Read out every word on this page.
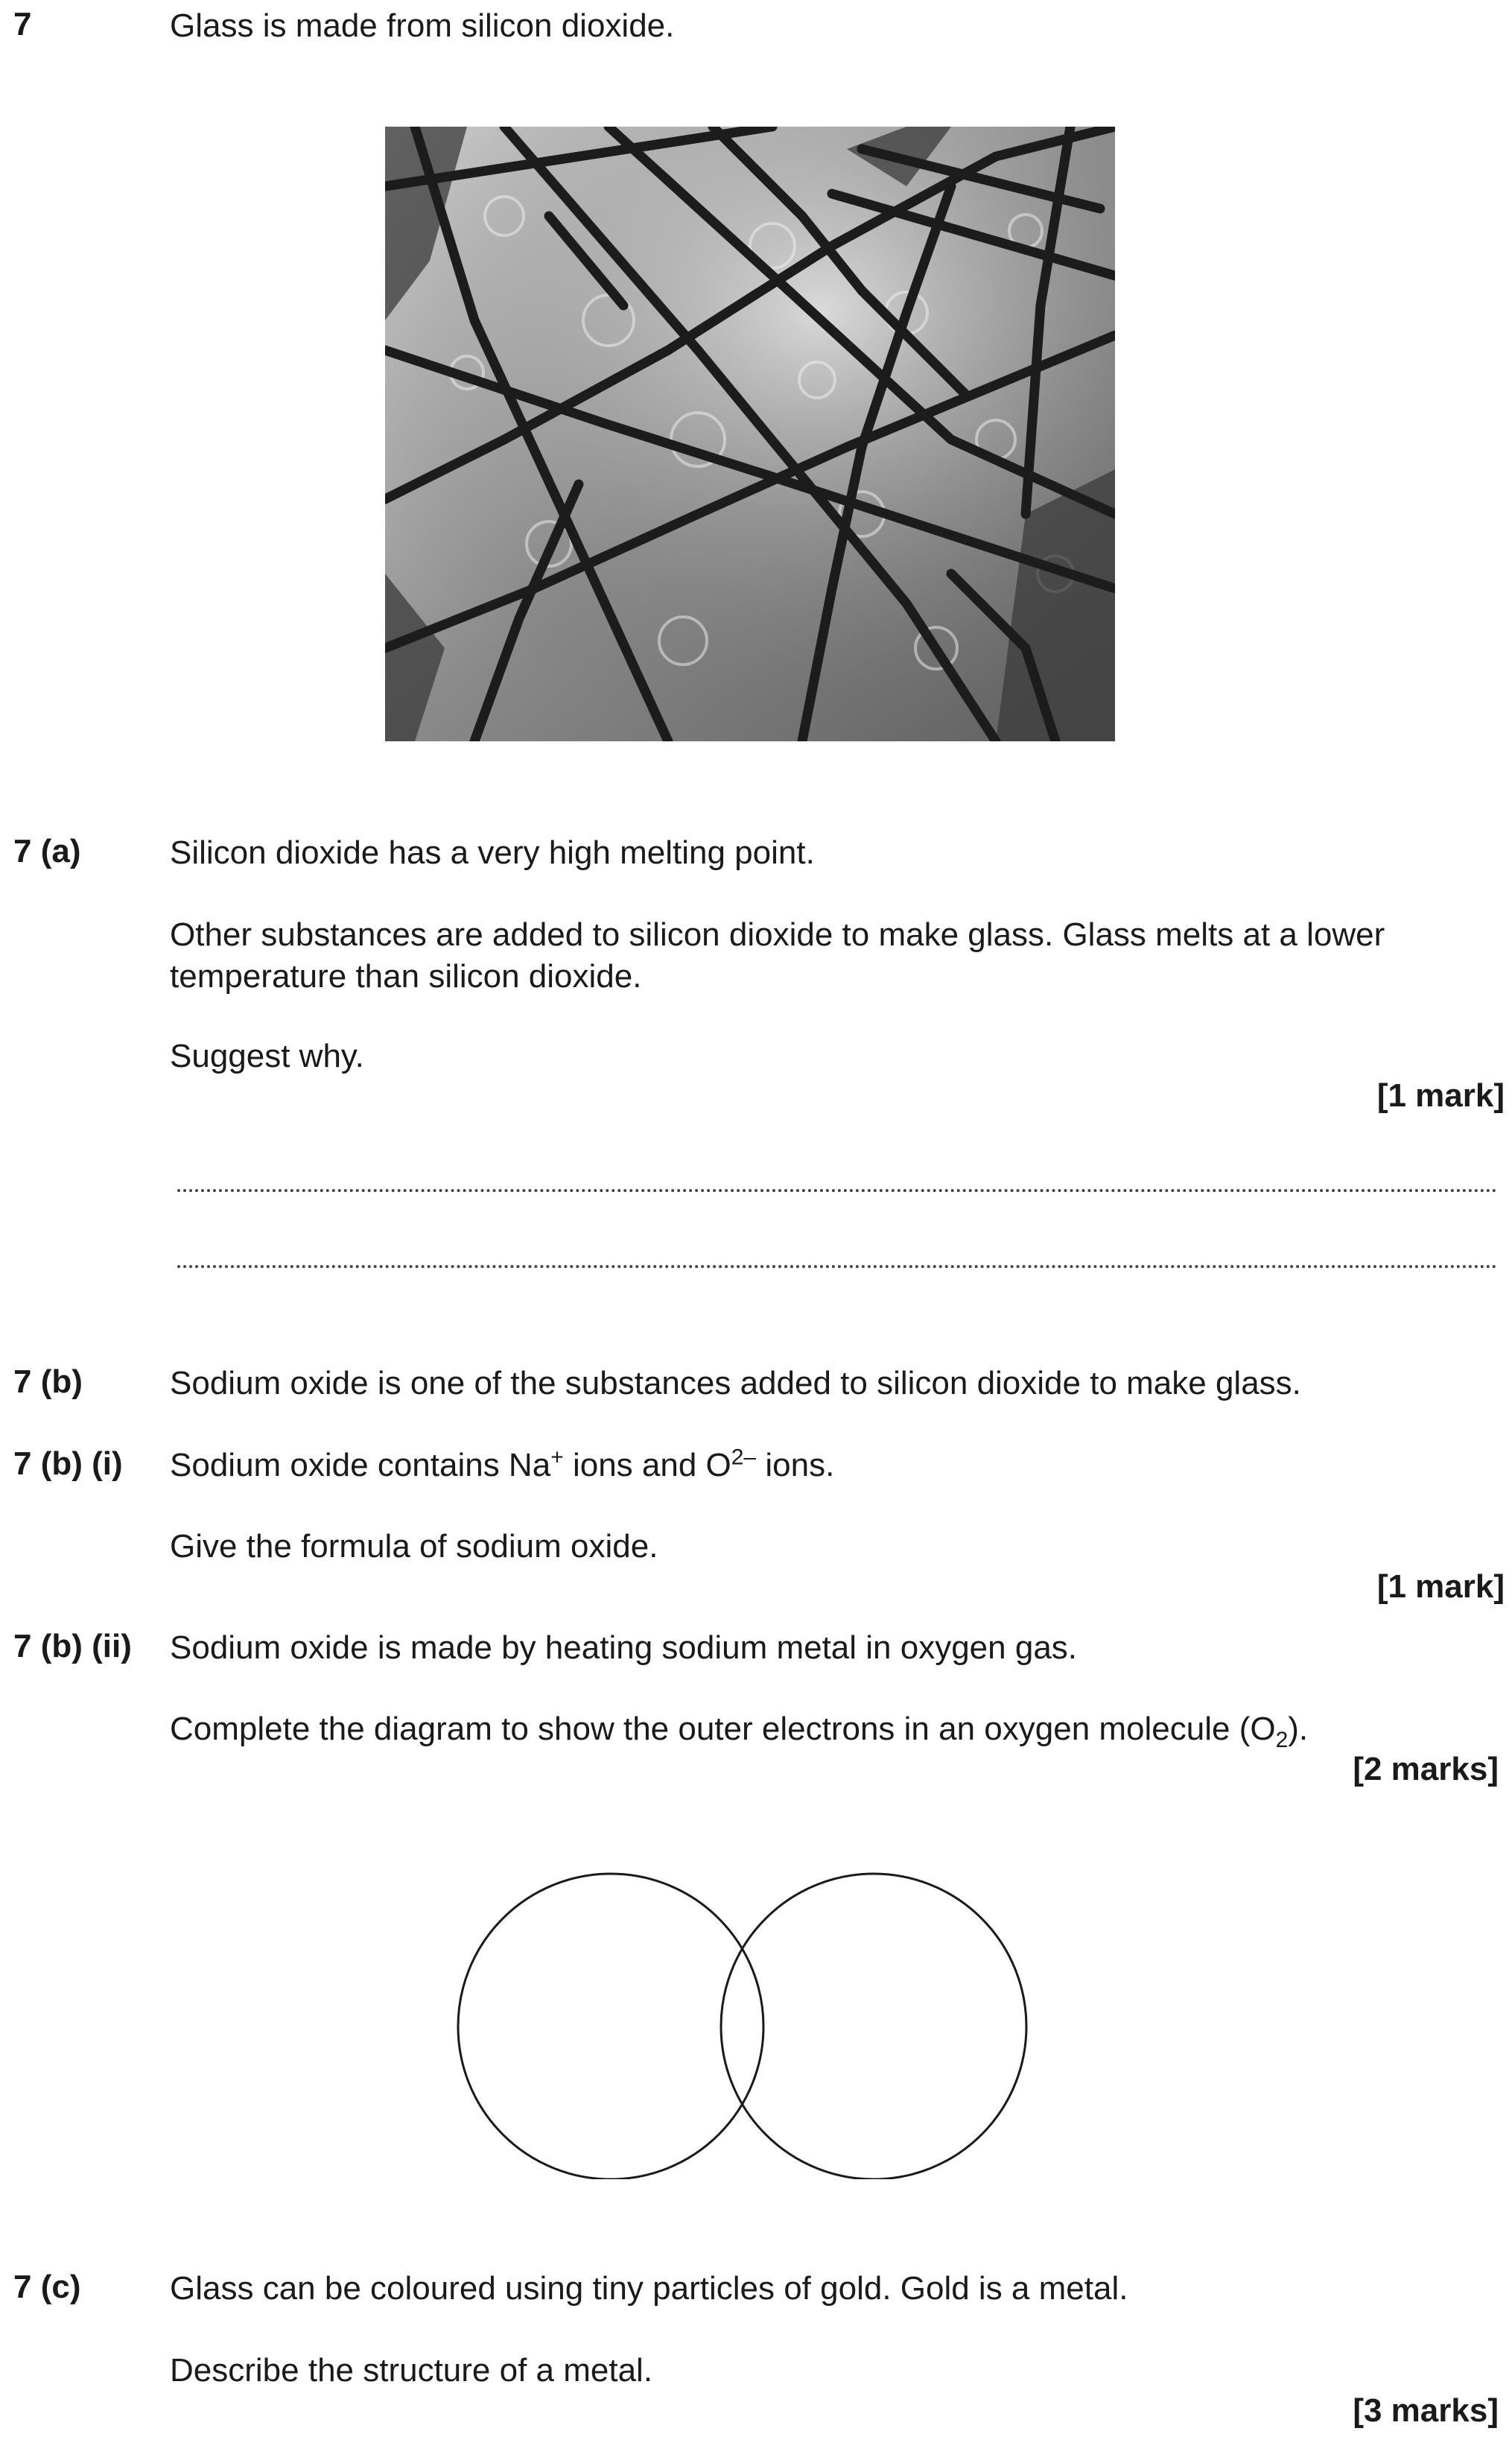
7	Glass is made from silicon dioxide.
7 (a)	Silicon dioxide has a very high melting point.
Other substances are added to silicon dioxide to make glass. Glass melts at a lower temperature than silicon dioxide.
Suggest why.
[1 mark]
7 (b)	Sodium oxide is one of the substances added to silicon dioxide to make glass.
7 (b) (i) Sodium oxide contains Na+ ions and $O^{2-}$ ions.
Give the formula of sodium oxide.
[1 mark]
7 (b) (ii) Sodium oxide is made by heating sodium metal in oxygen gas.
Complete the diagram to show the outer electrons in an oxygen molecule $(O_2)$.
[2 marks]
7 (c)	Glass can be coloured using tiny particles of gold. Gold is a metal.
Describe the structure of a metal.
[3 marks]
